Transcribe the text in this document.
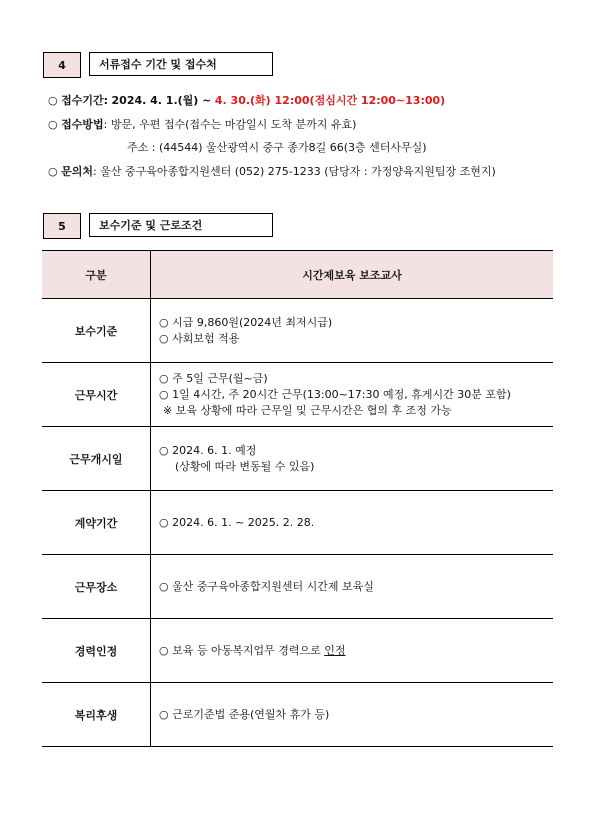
4	서류접수 기간 및 접수처
○ 접수기간: 2024. 4. 1.(월) ~ 4. 30.(화) 12:00(점심시간 12:00~13:00)
○ 접수방법: 방문, 우편 접수(접수는 마감일시 도착 분까지 유효)
주소 : (44544) 울산광역시 중구 종가8길 66(3층 센터사무실)
○ 문의처: 울산 중구육아종합지원센터 (052) 275-1233 (담당자 : 가정양육지원팀장 조현지)
5	보수기준 및 근로조건
구분	시간제보육 보조교사
보수기준	○ 시급 9,860원(2024년 최저시급)
○ 사회보험 적용

근무시간	○ 주 5일 근무(월~금)
○ 1일 4시간, 주 20시간 근무(13:00~17:30 예정, 휴게시간 30분 포함)
※ 보육 상황에 따라 근무일 및 근무시간은 협의 후 조정 가능

근무개시일	○ 2024. 6. 1. 예정
(상황에 따라 변동될 수 있음)

계약기간	○ 2024. 6. 1. ~ 2025. 2. 28.

근무장소	○ 울산 중구육아종합지원센터 시간제 보육실

경력인정	○ 보육 등 아동복지업무 경력으로 인정
복리후생	○ 근로기준법 준용(연월차 휴가 등)
